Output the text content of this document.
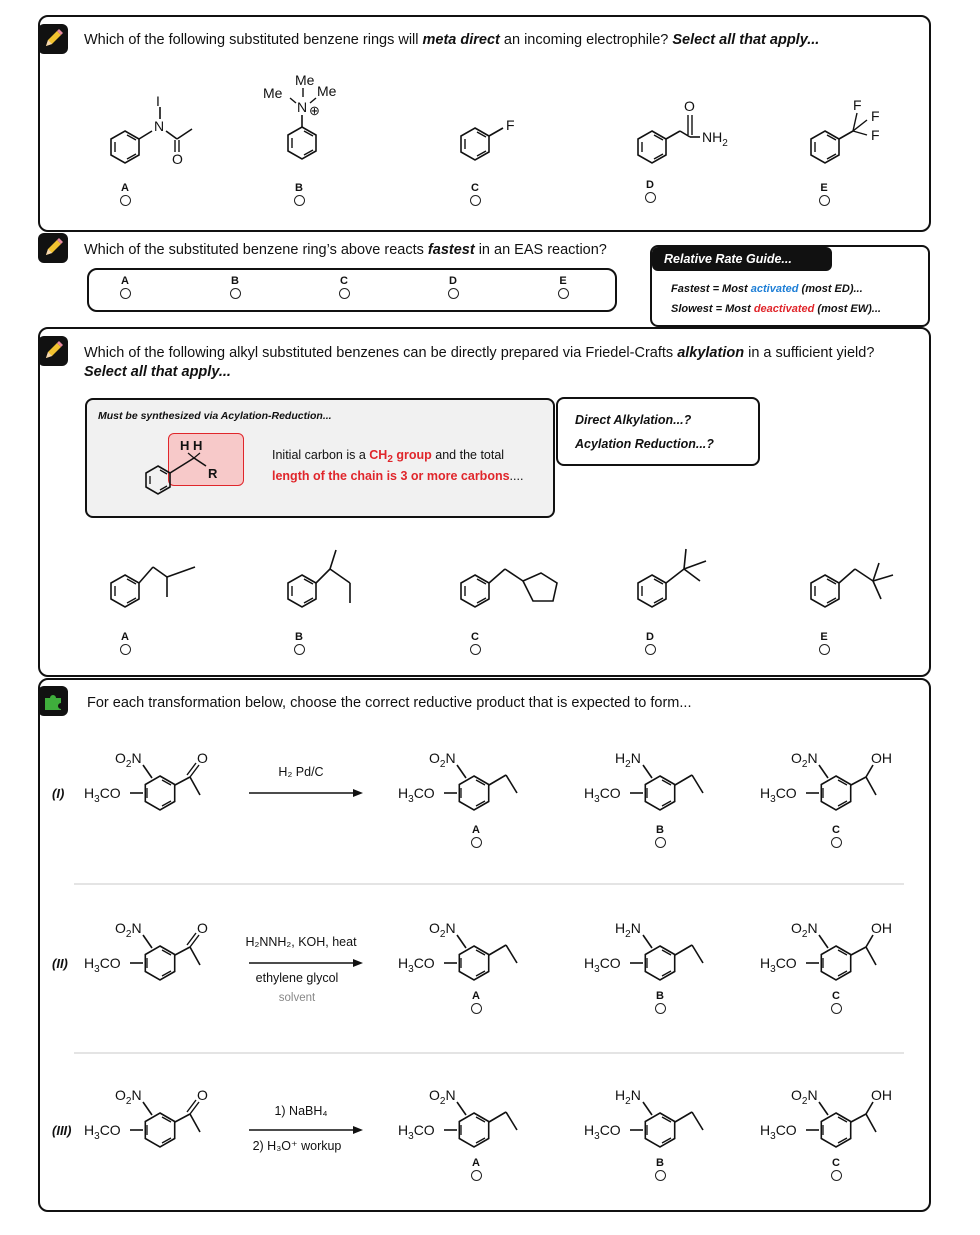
Which of the following substituted benzene rings will meta direct an incoming electrophile? Select all that apply...
N
I
O
Me
Me
Me
N ⊕
F
O
$NH_2$
F
F
F
A	B	C	D	E
Which of the substituted benzene ring’s above reacts fastest in an EAS reaction?
A	B	C	D	E
Relative Rate Guide...
Fastest = Most activated (most ED)...
Slowest = Most deactivated (most EW)...
Which of the following alkyl substituted benzenes can be directly prepared via Friedel-Crafts alkylation in a sufficient yield?
Select all that apply...
Must be synthesized via Acylation-Reduction...
H H
R
Initial carbon is a $CH_2$ group and the total
length of the chain is 3 or more carbons....
Direct Alkylation...?
Acylation Reduction...?
A	B	C	D	E
For each transformation below, choose the correct reductive product that is expected to form...
(I) $H_3CO$
$O_2N$	O
$H_3CO$
$O_2N$
$H_3CO$
$H_2N$
$H_3CO$
$O_2N$	OH
H₂ Pd/C
A	B	C
(II) $H_3CO$
$O_2N$	O
$H_3CO$
$O_2N$
$H_3CO$
$H_2N$
$H_3CO$
$O_2N$	OH
H₂NNH₂, KOH, heat
ethylene glycol
solvent	A	B	C
(III) $H_3CO$
$O_2N$	O
$H_3CO$
$O_2N$
$H_3CO$
$H_2N$
$H_3CO$
$O_2N$	OH
1) NaBH₄
2) H₃O⁺ workup
A	B	C
